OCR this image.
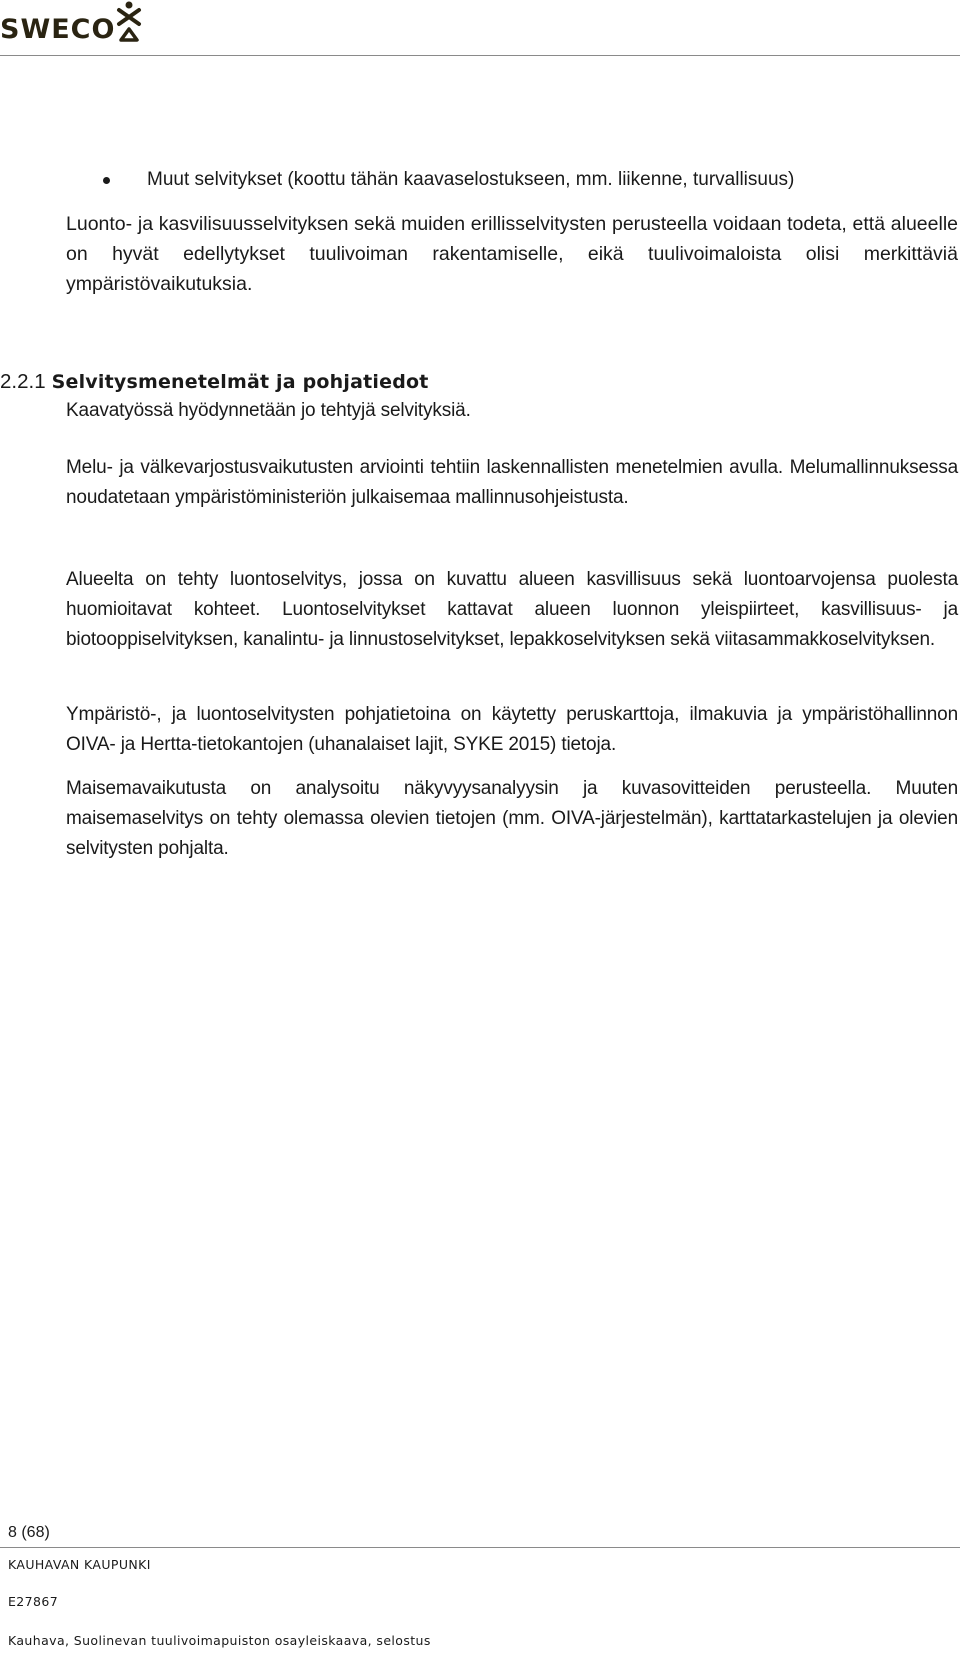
SWECO
Muut selvitykset (koottu tähän kaavaselostukseen, mm. liikenne, turvallisuus)

Luonto- ja kasvilisuusselvityksen sekä muiden erillisselvitysten perusteella voidaan todeta, että alueelle on hyvät edellytykset tuulivoiman rakentamiselle, eikä tuulivoimaloista olisi merkittäviä ympäristövaikutuksia.

2.2.1 Selvitysmenetelmät ja pohjatiedot

Kaavatyössä hyödynnetään jo tehtyjä selvityksiä.

Melu- ja välkevarjostusvaikutusten arviointi tehtiin laskennallisten menetelmien avulla. Melumallinnuksessa noudatetaan ympäristöministeriön julkaisemaa mallinnusohjeistusta.

Alueelta on tehty luontoselvitys, jossa on kuvattu alueen kasvillisuus sekä luontoarvojensa puolesta huomioitavat kohteet. Luontoselvitykset kattavat alueen luonnon yleispiirteet, kasvillisuus- ja biotooppiselvityksen, kanalintu- ja linnustoselvitykset, lepakkoselvityksen sekä viitasammakkoselvityksen.

Ympäristö-, ja luontoselvitysten pohjatietoina on käytetty peruskarttoja, ilmakuvia ja ympäristöhallinnon OIVA- ja Hertta-tietokantojen (uhanalaiset lajit, SYKE 2015) tietoja.

Maisemavaikutusta on analysoitu näkyvyysanalyysin ja kuvasovitteiden perusteella. Muuten maisemaselvitys on tehty olemassa olevien tietojen (mm. OIVA-järjestelmän), karttatarkastelujen ja olevien selvitysten pohjalta.

8 (68)
KAUHAVAN KAUPUNKI
E27867
Kauhava, Suolinevan tuulivoimapuiston osayleiskaava, selostus
